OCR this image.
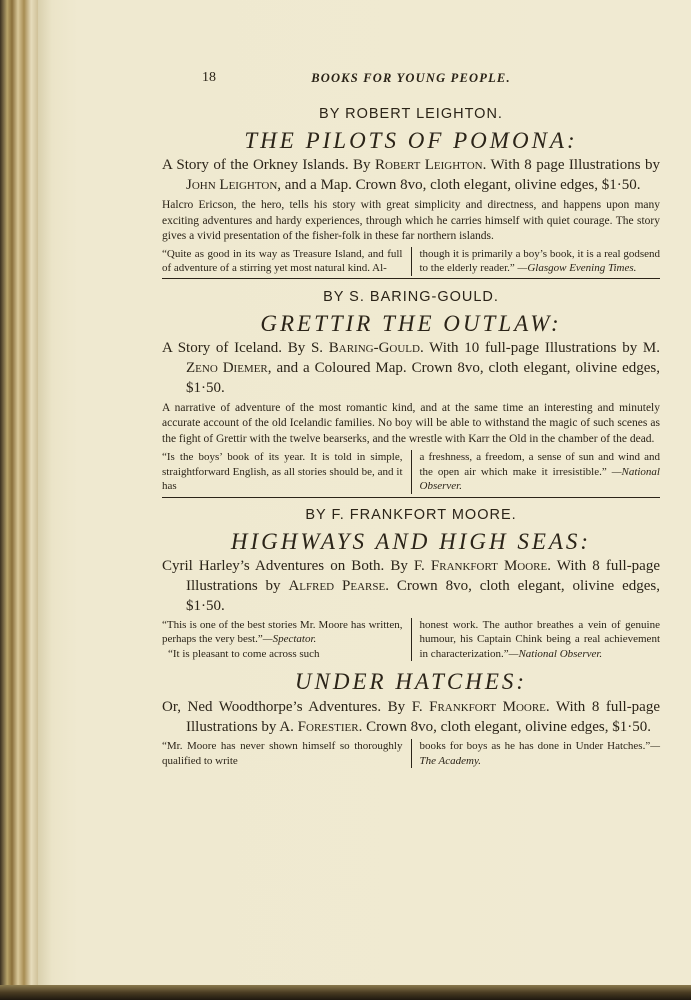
18	BOOKS FOR YOUNG PEOPLE.

BY ROBERT LEIGHTON.

THE PILOTS OF POMONA:

A Story of the Orkney Islands. By Robert Leighton. With 8 page Illustrations by John Leighton, and a Map. Crown 8vo, cloth elegant, olivine edges, $1·50.

Halcro Ericson, the hero, tells his story with great simplicity and directness, and happens upon many exciting adventures and hardy experiences, through which he carries himself with quiet courage. The story gives a vivid presentation of the fisher-folk in these far northern islands.

“Quite as good in its way as Treasure Island, and full of adventure of a stirring yet most natural kind. Al-
though it is primarily a boy’s book, it is a real godsend to the elderly reader.” —Glasgow Evening Times.

BY S. BARING-GOULD.

GRETTIR THE OUTLAW:

A Story of Iceland. By S. Baring-Gould. With 10 full-page Illustrations by M. Zeno Diemer, and a Coloured Map. Crown 8vo, cloth elegant, olivine edges, $1·50.

A narrative of adventure of the most romantic kind, and at the same time an interesting and minutely accurate account of the old Icelandic families. No boy will be able to withstand the magic of such scenes as the fight of Grettir with the twelve bearserks, and the wrestle with Karr the Old in the chamber of the dead.

“Is the boys’ book of its year. It is told in simple, straightforward English, as all stories should be, and it has
a freshness, a freedom, a sense of sun and wind and the open air which make it irresistible.” —National Observer.

BY F. FRANKFORT MOORE.

HIGHWAYS AND HIGH SEAS:

Cyril Harley’s Adventures on Both. By F. Frankfort Moore. With 8 full-page Illustrations by Alfred Pearse. Crown 8vo, cloth elegant, olivine edges, $1·50.

“This is one of the best stories Mr. Moore has written, perhaps the very best.”—Spectator.

“It is pleasant to come across such

honest work. The author breathes a vein of genuine humour, his Captain Chink being a real achievement in characterization.”—National Observer.
UNDER HATCHES:

Or, Ned Woodthorpe’s Adventures. By F. Frankfort Moore. With 8 full-page Illustrations by A. Forestier. Crown 8vo, cloth elegant, olivine edges, $1·50.

“Mr. Moore has never shown himself so thoroughly qualified to write
books for boys as he has done in Under Hatches.”—The Academy.
